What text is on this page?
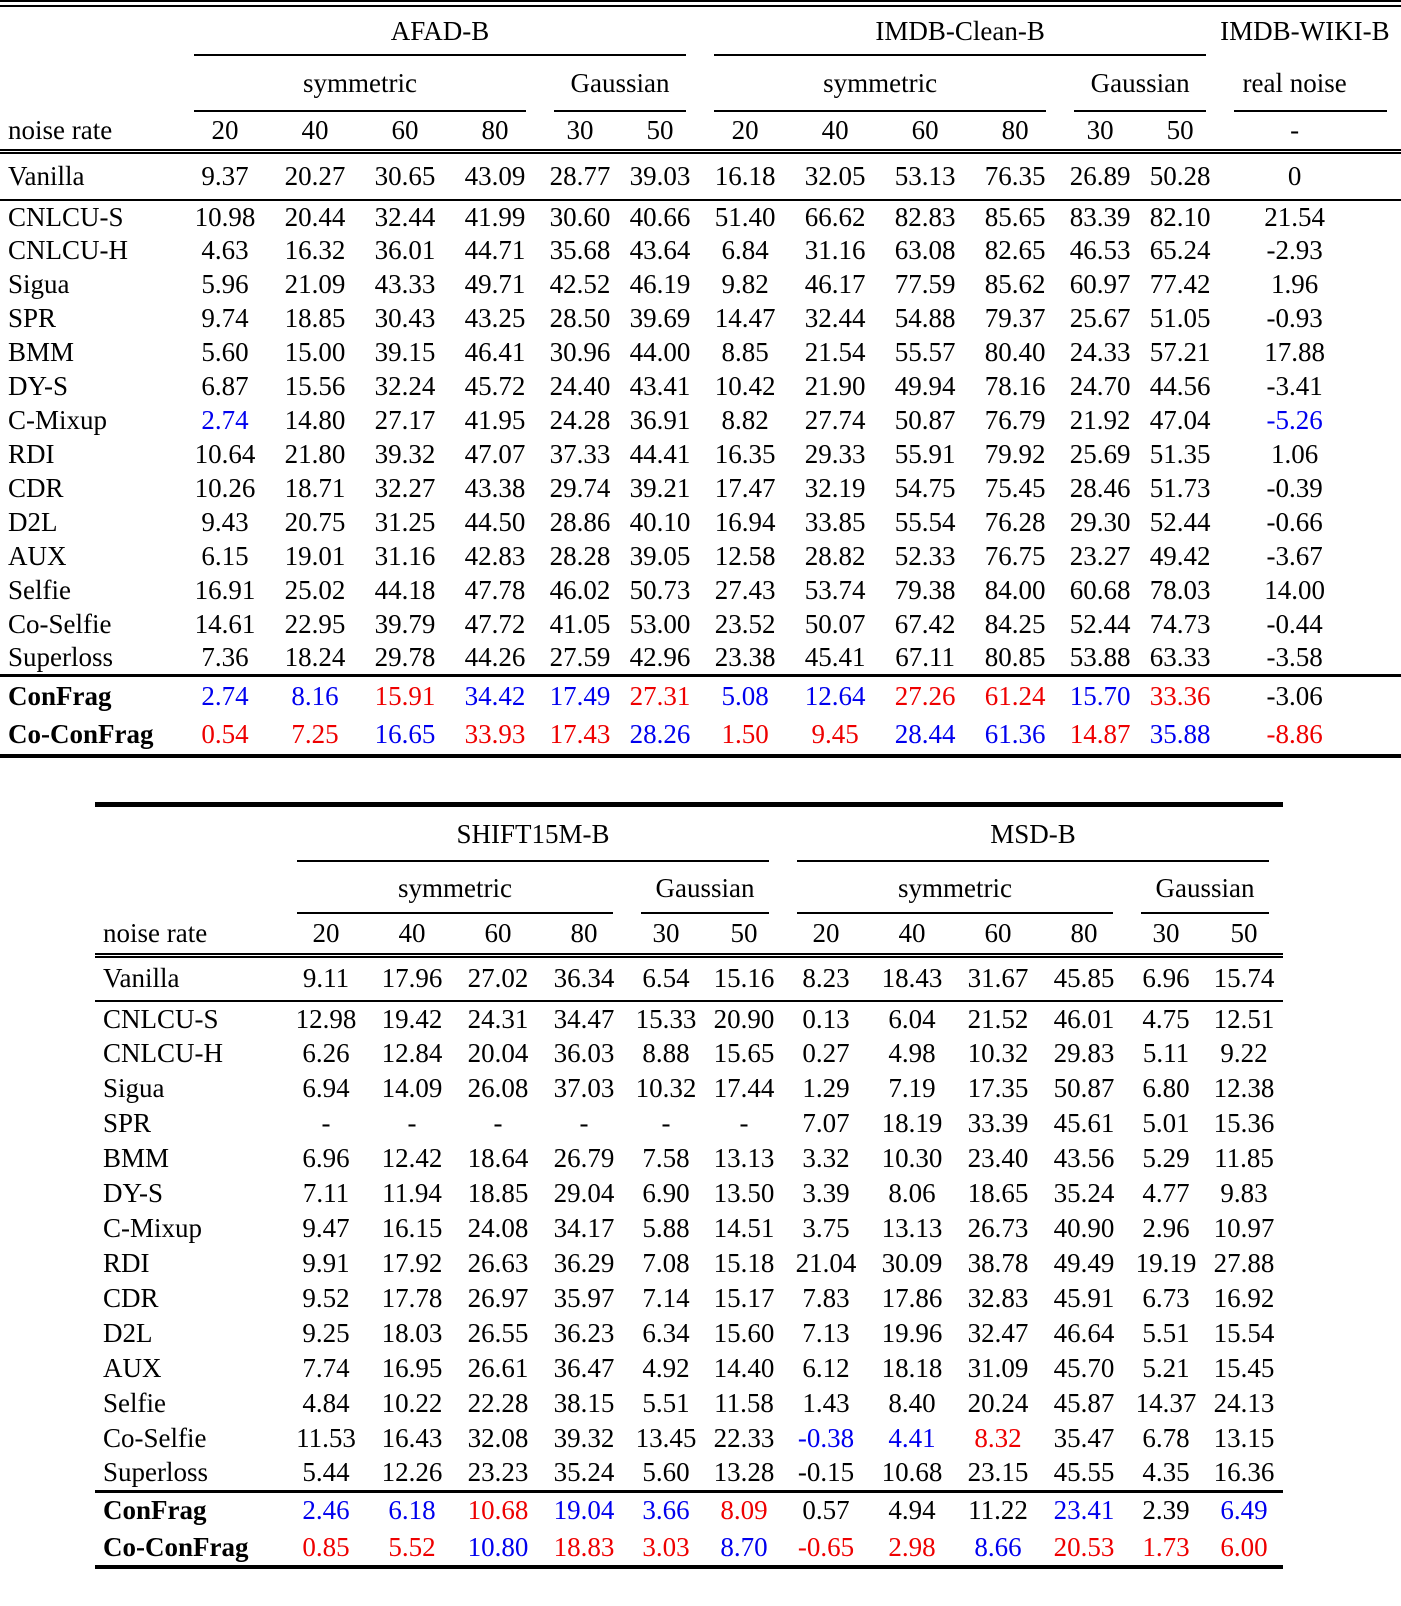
	AFAD-B						IMDB-Clean-B						IMDB-WIKI-B
	symmetric				Gaussian		symmetric				Gaussian		real noise
noise rate	20	40	60	80	30	50	20	40	60	80	30	50	-
Vanilla	9.37	20.27	30.65	43.09	28.77	39.03	16.18	32.05	53.13	76.35	26.89	50.28	0
CNLCU-S	10.98	20.44	32.44	41.99	30.60	40.66	51.40	66.62	82.83	85.65	83.39	82.10	21.54
CNLCU-H	4.63	16.32	36.01	44.71	35.68	43.64	6.84	31.16	63.08	82.65	46.53	65.24	-2.93
Sigua	5.96	21.09	43.33	49.71	42.52	46.19	9.82	46.17	77.59	85.62	60.97	77.42	1.96
SPR	9.74	18.85	30.43	43.25	28.50	39.69	14.47	32.44	54.88	79.37	25.67	51.05	-0.93
BMM	5.60	15.00	39.15	46.41	30.96	44.00	8.85	21.54	55.57	80.40	24.33	57.21	17.88
DY-S	6.87	15.56	32.24	45.72	24.40	43.41	10.42	21.90	49.94	78.16	24.70	44.56	-3.41
C-Mixup	2.74	14.80	27.17	41.95	24.28	36.91	8.82	27.74	50.87	76.79	21.92	47.04	-5.26
RDI	10.64	21.80	39.32	47.07	37.33	44.41	16.35	29.33	55.91	79.92	25.69	51.35	1.06
CDR	10.26	18.71	32.27	43.38	29.74	39.21	17.47	32.19	54.75	75.45	28.46	51.73	-0.39
D2L	9.43	20.75	31.25	44.50	28.86	40.10	16.94	33.85	55.54	76.28	29.30	52.44	-0.66
AUX	6.15	19.01	31.16	42.83	28.28	39.05	12.58	28.82	52.33	76.75	23.27	49.42	-3.67
Selfie	16.91	25.02	44.18	47.78	46.02	50.73	27.43	53.74	79.38	84.00	60.68	78.03	14.00
Co-Selfie	14.61	22.95	39.79	47.72	41.05	53.00	23.52	50.07	67.42	84.25	52.44	74.73	-0.44
Superloss	7.36	18.24	29.78	44.26	27.59	42.96	23.38	45.41	67.11	80.85	53.88	63.33	-3.58
ConFrag	2.74	8.16	15.91	34.42	17.49	27.31	5.08	12.64	27.26	61.24	15.70	33.36	-3.06
Co-ConFrag	0.54	7.25	16.65	33.93	17.43	28.26	1.50	9.45	28.44	61.36	14.87	35.88	-8.86
	SHIFT15M-B						MSD-B					
	symmetric				Gaussian		symmetric				Gaussian	
noise rate	20	40	60	80	30	50	20	40	60	80	30	50
Vanilla	9.11	17.96	27.02	36.34	6.54	15.16	8.23	18.43	31.67	45.85	6.96	15.74
CNLCU-S	12.98	19.42	24.31	34.47	15.33	20.90	0.13	6.04	21.52	46.01	4.75	12.51
CNLCU-H	6.26	12.84	20.04	36.03	8.88	15.65	0.27	4.98	10.32	29.83	5.11	9.22
Sigua	6.94	14.09	26.08	37.03	10.32	17.44	1.29	7.19	17.35	50.87	6.80	12.38
SPR	-	-	-	-	-	-	7.07	18.19	33.39	45.61	5.01	15.36
BMM	6.96	12.42	18.64	26.79	7.58	13.13	3.32	10.30	23.40	43.56	5.29	11.85
DY-S	7.11	11.94	18.85	29.04	6.90	13.50	3.39	8.06	18.65	35.24	4.77	9.83
C-Mixup	9.47	16.15	24.08	34.17	5.88	14.51	3.75	13.13	26.73	40.90	2.96	10.97
RDI	9.91	17.92	26.63	36.29	7.08	15.18	21.04	30.09	38.78	49.49	19.19	27.88
CDR	9.52	17.78	26.97	35.97	7.14	15.17	7.83	17.86	32.83	45.91	6.73	16.92
D2L	9.25	18.03	26.55	36.23	6.34	15.60	7.13	19.96	32.47	46.64	5.51	15.54
AUX	7.74	16.95	26.61	36.47	4.92	14.40	6.12	18.18	31.09	45.70	5.21	15.45
Selfie	4.84	10.22	22.28	38.15	5.51	11.58	1.43	8.40	20.24	45.87	14.37	24.13
Co-Selfie	11.53	16.43	32.08	39.32	13.45	22.33	-0.38	4.41	8.32	35.47	6.78	13.15
Superloss	5.44	12.26	23.23	35.24	5.60	13.28	-0.15	10.68	23.15	45.55	4.35	16.36
ConFrag	2.46	6.18	10.68	19.04	3.66	8.09	0.57	4.94	11.22	23.41	2.39	6.49
Co-ConFrag	0.85	5.52	10.80	18.83	3.03	8.70	-0.65	2.98	8.66	20.53	1.73	6.00
